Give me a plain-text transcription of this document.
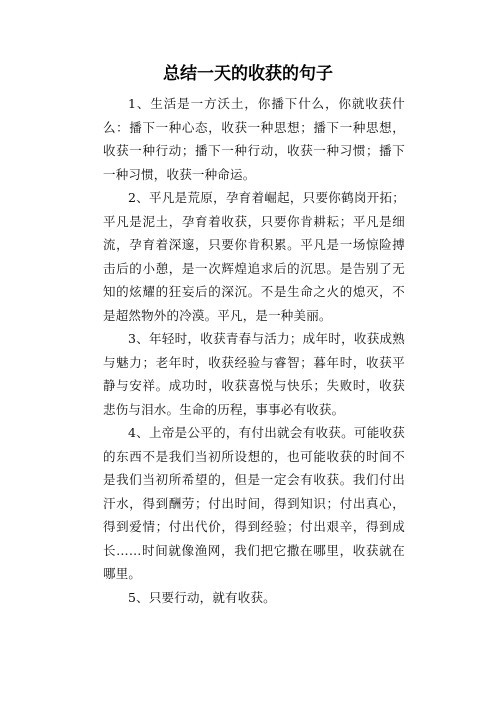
总结一天的收获的句子

1、生活是一方沃土，你播下什么，你就收获什么：播下一种心态，收获一种思想；播下一种思想，收获一种行动；播下一种行动，收获一种习惯；播下一种习惯，收获一种命运。

2、平凡是荒原，孕育着崛起，只要你鹤岗开拓；平凡是泥土，孕育着收获，只要你肯耕耘；平凡是细流，孕育着深邃，只要你肯积累。平凡是一场惊险搏击后的小憩，是一次辉煌追求后的沉思。是告别了无知的炫耀的狂妄后的深沉。不是生命之火的熄灭，不是超然物外的冷漠。平凡，是一种美丽。

3、年轻时，收获青春与活力；成年时，收获成熟与魅力；老年时，收获经验与睿智；暮年时，收获平静与安祥。成功时，收获喜悦与快乐；失败时，收获悲伤与泪水。生命的历程，事事必有收获。

4、上帝是公平的，有付出就会有收获。可能收获的东西不是我们当初所设想的，也可能收获的时间不是我们当初所希望的，但是一定会有收获。我们付出汗水，得到酬劳；付出时间，得到知识；付出真心，得到爱情；付出代价，得到经验；付出艰辛，得到成长……时间就像渔网，我们把它撒在哪里，收获就在哪里。

5、只要行动，就有收获。
